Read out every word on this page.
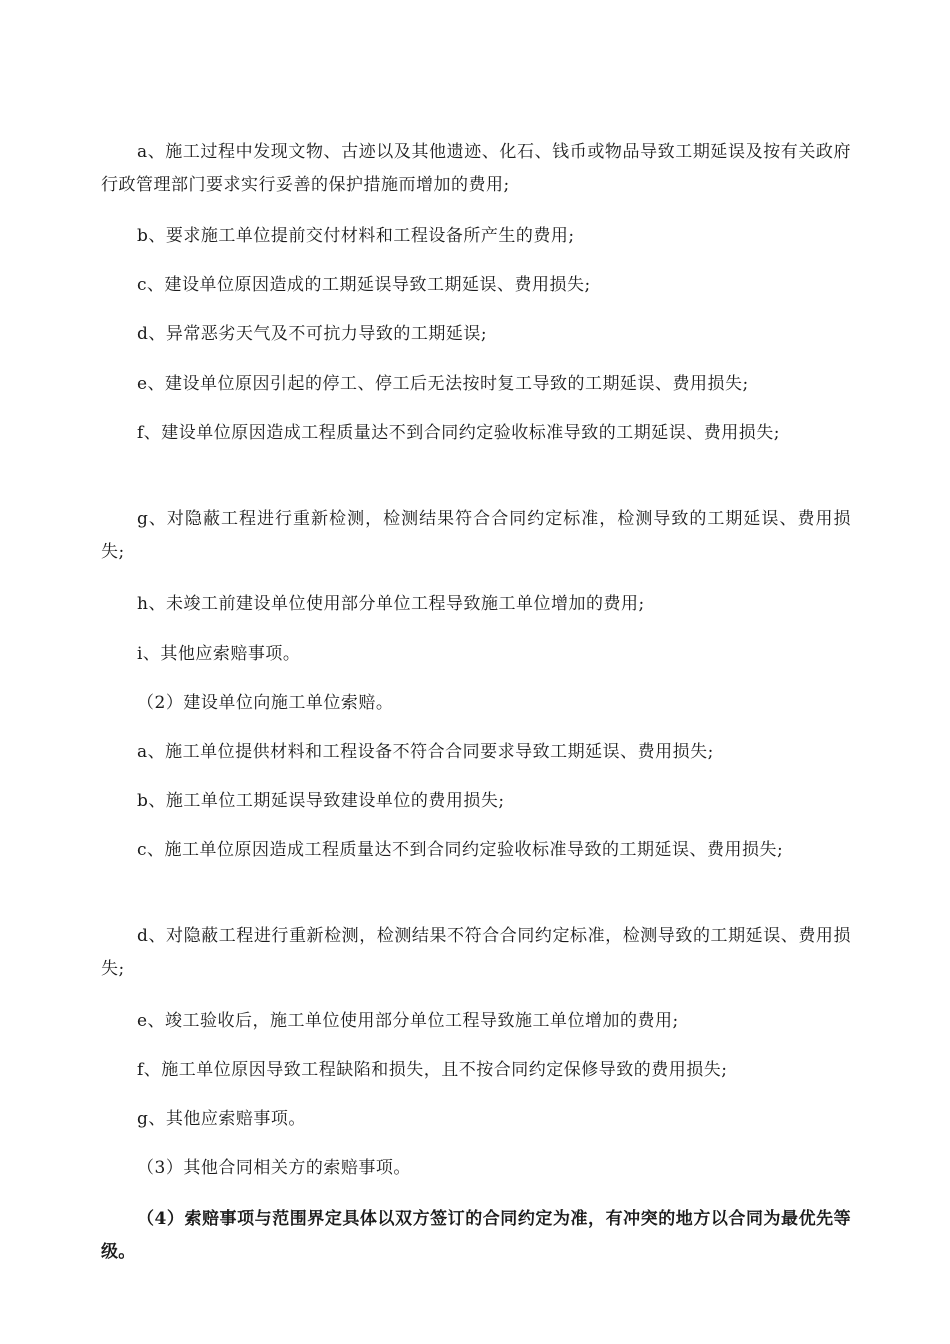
a、施工过程中发现文物、古迹以及其他遗迹、化石、钱币或物品导致工期延误及按有关政府行政管理部门要求实行妥善的保护措施而增加的费用;

b、要求施工单位提前交付材料和工程设备所产生的费用;

c、建设单位原因造成的工期延误导致工期延误、费用损失;

d、异常恶劣天气及不可抗力导致的工期延误;

e、建设单位原因引起的停工、停工后无法按时复工导致的工期延误、费用损失;

f、建设单位原因造成工程质量达不到合同约定验收标准导致的工期延误、费用损失;

g、对隐蔽工程进行重新检测，检测结果符合合同约定标准，检测导致的工期延误、费用损失;

h、未竣工前建设单位使用部分单位工程导致施工单位增加的费用;

i、其他应索赔事项。

（2）建设单位向施工单位索赔。

a、施工单位提供材料和工程设备不符合合同要求导致工期延误、费用损失;

b、施工单位工期延误导致建设单位的费用损失;

c、施工单位原因造成工程质量达不到合同约定验收标准导致的工期延误、费用损失;

d、对隐蔽工程进行重新检测，检测结果不符合合同约定标准，检测导致的工期延误、费用损失;

e、竣工验收后，施工单位使用部分单位工程导致施工单位增加的费用;

f、施工单位原因导致工程缺陷和损失，且不按合同约定保修导致的费用损失;

g、其他应索赔事项。

（3）其他合同相关方的索赔事项。

（4）索赔事项与范围界定具体以双方签订的合同约定为准，有冲突的地方以合同为最优先等级。
